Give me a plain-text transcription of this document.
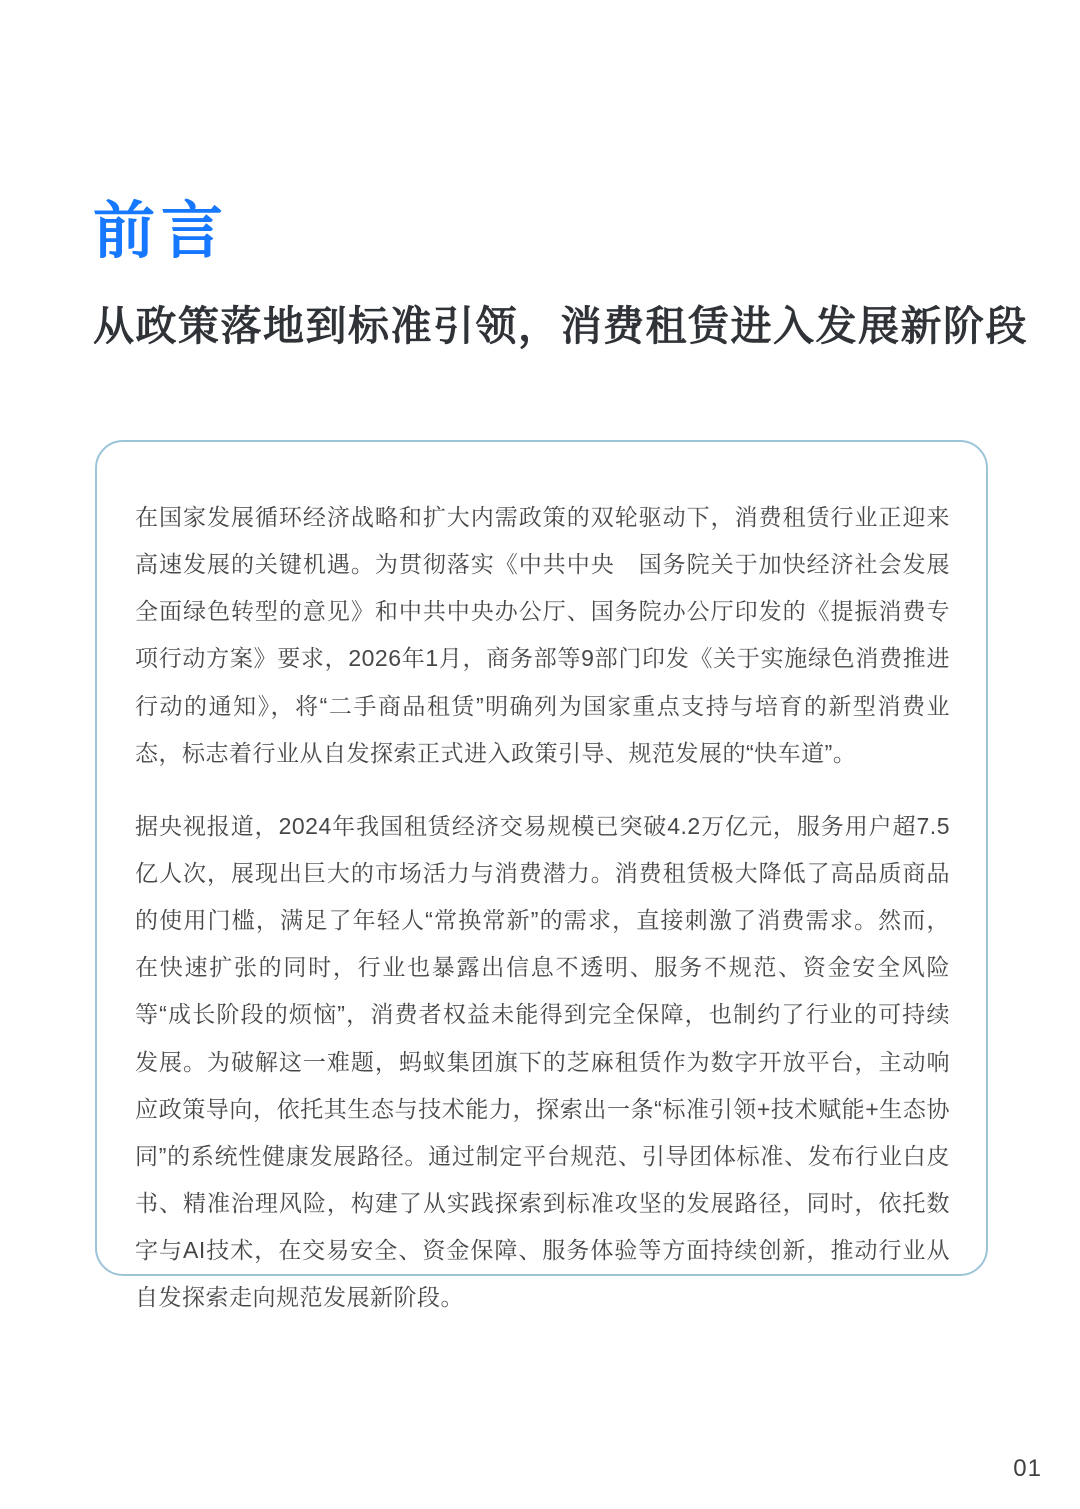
前言
从政策落地到标准引领，消费租赁进入发展新阶段

在国家发展循环经济战略和扩大内需政策的双轮驱动下，消费租赁行业正迎来高速发展的关键机遇。为贯彻落实《中共中央　国务院关于加快经济社会发展全面绿色转型的意见》和中共中央办公厅、国务院办公厅印发的《提振消费专项行动方案》要求，2026年1月，商务部等9部门印发《关于实施绿色消费推进行动的通知》，将“二手商品租赁”明确列为国家重点支持与培育的新型消费业态，标志着行业从自发探索正式进入政策引导、规范发展的“快车道”。

据央视报道，2024年我国租赁经济交易规模已突破4.2万亿元，服务用户超7.5亿人次，展现出巨大的市场活力与消费潜力。消费租赁极大降低了高品质商品的使用门槛，满足了年轻人“常换常新”的需求，直接刺激了消费需求。然而，在快速扩张的同时，行业也暴露出信息不透明、服务不规范、资金安全风险等“成长阶段的烦恼”，消费者权益未能得到完全保障，也制约了行业的可持续发展。为破解这一难题，蚂蚁集团旗下的芝麻租赁作为数字开放平台，主动响应政策导向，依托其生态与技术能力，探索出一条“标准引领+技术赋能+生态协同”的系统性健康发展路径。通过制定平台规范、引导团体标准、发布行业白皮书、精准治理风险，构建了从实践探索到标准攻坚的发展路径，同时，依托数字与AI技术，在交易安全、资金保障、服务体验等方面持续创新，推动行业从自发探索走向规范发展新阶段。

01
